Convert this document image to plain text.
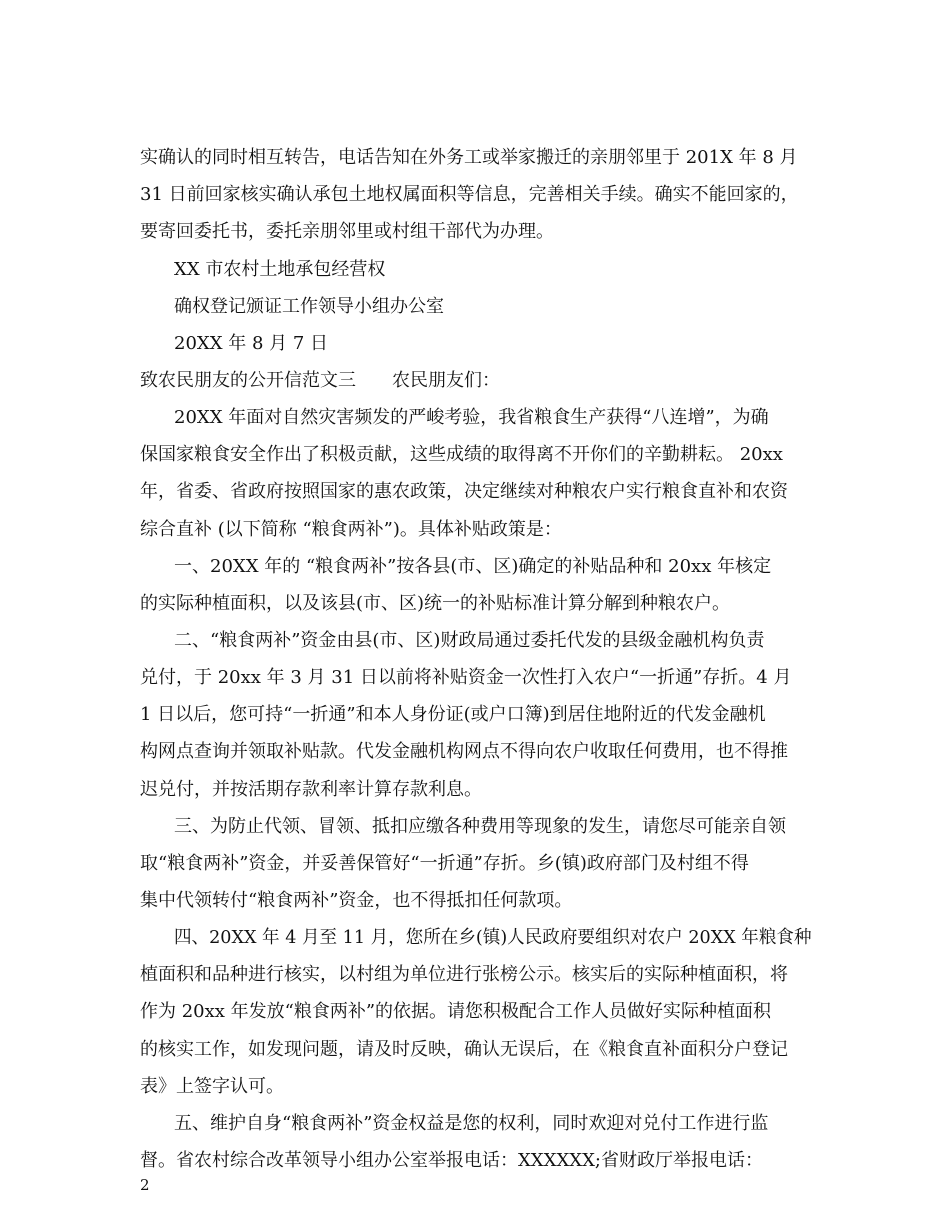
实确认的同时相互转告，电话告知在外务工或举家搬迁的亲朋邻里于 201X 年 8 月
31 日前回家核实确认承包土地权属面积等信息，完善相关手续。确实不能回家的，
要寄回委托书，委托亲朋邻里或村组干部代为办理。
XX 市农村土地承包经营权
确权登记颁证工作领导小组办公室
20XX 年 8 月 7 日
致农民朋友的公开信范文三　　农民朋友们：
20XX 年面对自然灾害频发的严峻考验，我省粮食生产获得“八连增”，为确
保国家粮食安全作出了积极贡献，这些成绩的取得离不开你们的辛勤耕耘。 20xx
年，省委、省政府按照国家的惠农政策，决定继续对种粮农户实行粮食直补和农资
综合直补 (以下简称 “粮食两补”)。具体补贴政策是：
一、20XX 年的 “粮食两补”按各县(市、区)确定的补贴品种和 20xx 年核定
的实际种植面积，以及该县(市、区)统一的补贴标准计算分解到种粮农户。
二、“粮食两补”资金由县(市、区)财政局通过委托代发的县级金融机构负责
兑付，于 20xx 年 3 月 31 日以前将补贴资金一次性打入农户“一折通”存折。4 月
1 日以后，您可持“一折通”和本人身份证(或户口簿)到居住地附近的代发金融机
构网点查询并领取补贴款。代发金融机构网点不得向农户收取任何费用，也不得推
迟兑付，并按活期存款利率计算存款利息。
三、为防止代领、冒领、抵扣应缴各种费用等现象的发生，请您尽可能亲自领
取“粮食两补”资金，并妥善保管好“一折通”存折。乡(镇)政府部门及村组不得
集中代领转付“粮食两补”资金，也不得抵扣任何款项。
四、20XX 年 4 月至 11 月，您所在乡(镇)人民政府要组织对农户 20XX 年粮食种
植面积和品种进行核实，以村组为单位进行张榜公示。核实后的实际种植面积，将
作为 20xx 年发放“粮食两补”的依据。请您积极配合工作人员做好实际种植面积
的核实工作，如发现问题，请及时反映，确认无误后，在《粮食直补面积分户登记
表》上签字认可。
五、维护自身“粮食两补”资金权益是您的权利，同时欢迎对兑付工作进行监
督。省农村综合改革领导小组办公室举报电话：XXXXXX;省财政厅举报电话：
2
